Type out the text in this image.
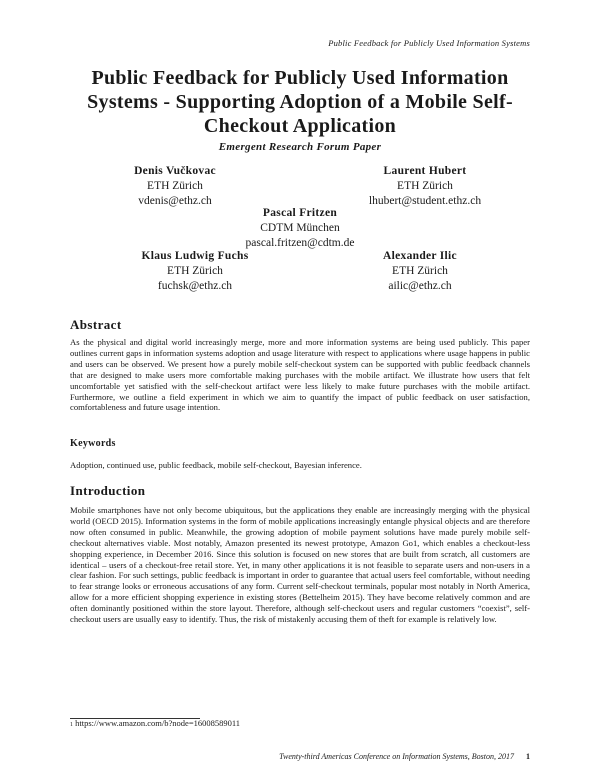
Public Feedback for Publicly Used Information Systems
Public Feedback for Publicly Used Information Systems - Supporting Adoption of a Mobile Self-Checkout Application
Emergent Research Forum Paper
Denis Vučkovac
ETH Zürich
vdenis@ethz.ch
Laurent Hubert
ETH Zürich
lhubert@student.ethz.ch
Pascal Fritzen
CDTM München
pascal.fritzen@cdtm.de
Klaus Ludwig Fuchs
ETH Zürich
fuchsk@ethz.ch
Alexander Ilic
ETH Zürich
ailic@ethz.ch
Abstract

As the physical and digital world increasingly merge, more and more information systems are being used publicly. This paper outlines current gaps in information systems adoption and usage literature with respect to applications where usage happens in public and users can be observed. We present how a purely mobile self-checkout system can be supported with public feedback channels that are designed to make users more comfortable making purchases with the mobile artifact. We illustrate how users that felt uncomfortable yet satisfied with the self-checkout artifact were less likely to make future purchases with the mobile artifact. Furthermore, we outline a field experiment in which we aim to quantify the impact of public feedback on user satisfaction, comfortableness and future usage intention.

Keywords

Adoption, continued use, public feedback, mobile self-checkout, Bayesian inference.

Introduction

Mobile smartphones have not only become ubiquitous, but the applications they enable are increasingly merging with the physical world (OECD 2015). Information systems in the form of mobile applications increasingly entangle physical objects and are therefore now often consumed in public. Meanwhile, the growing adoption of mobile payment solutions have made purely mobile self-checkout alternatives viable. Most notably, Amazon presented its newest prototype, Amazon Go1, which enables a checkout-less shopping experience, in December 2016. Since this solution is focused on new stores that are built from scratch, all customers are identical – users of a checkout-free retail store. Yet, in many other applications it is not feasible to separate users and non-users in a clear fashion. For such settings, public feedback is important in order to guarantee that actual users feel comfortable, without needing to fear strange looks or erroneous accusations of any form. Current self-checkout terminals, popular most notably in North America, allow for a more efficient shopping experience in existing stores (Bettelheim 2015). They have become relatively common and are often dominantly positioned within the store layout. Therefore, although self-checkout users and regular customers “coexist”, self-checkout users are usually easy to identify. Thus, the risk of mistakenly accusing them of theft for example is relatively low.

1 https://www.amazon.com/b?node=16008589011
Twenty-third Americas Conference on Information Systems, Boston, 2017 1
